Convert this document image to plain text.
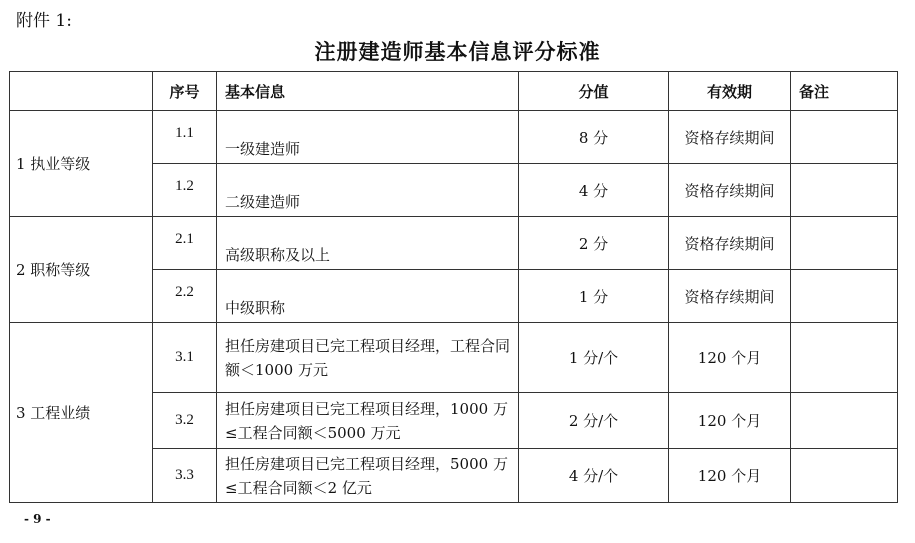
附件 1:
注册建造师基本信息评分标准
	序号	基本信息	分值	有效期	备注
1 执业等级	1.1	一级建造师	8 分	资格存续期间	
	1.2	二级建造师	4 分	资格存续期间	
2 职称等级	2.1	高级职称及以上	2 分	资格存续期间	
	2.2	中级职称	1 分	资格存续期间	
3 工程业绩	3.1	担任房建项目已完工程项目经理，工程合同额＜1000 万元	1 分/个	120 个月	
	3.2	担任房建项目已完工程项目经理，1000 万≤工程合同额＜5000 万元	2 分/个	120 个月	
	3.3	担任房建项目已完工程项目经理，5000 万≤工程合同额＜2 亿元	4 分/个	120 个月	
- 9 -
